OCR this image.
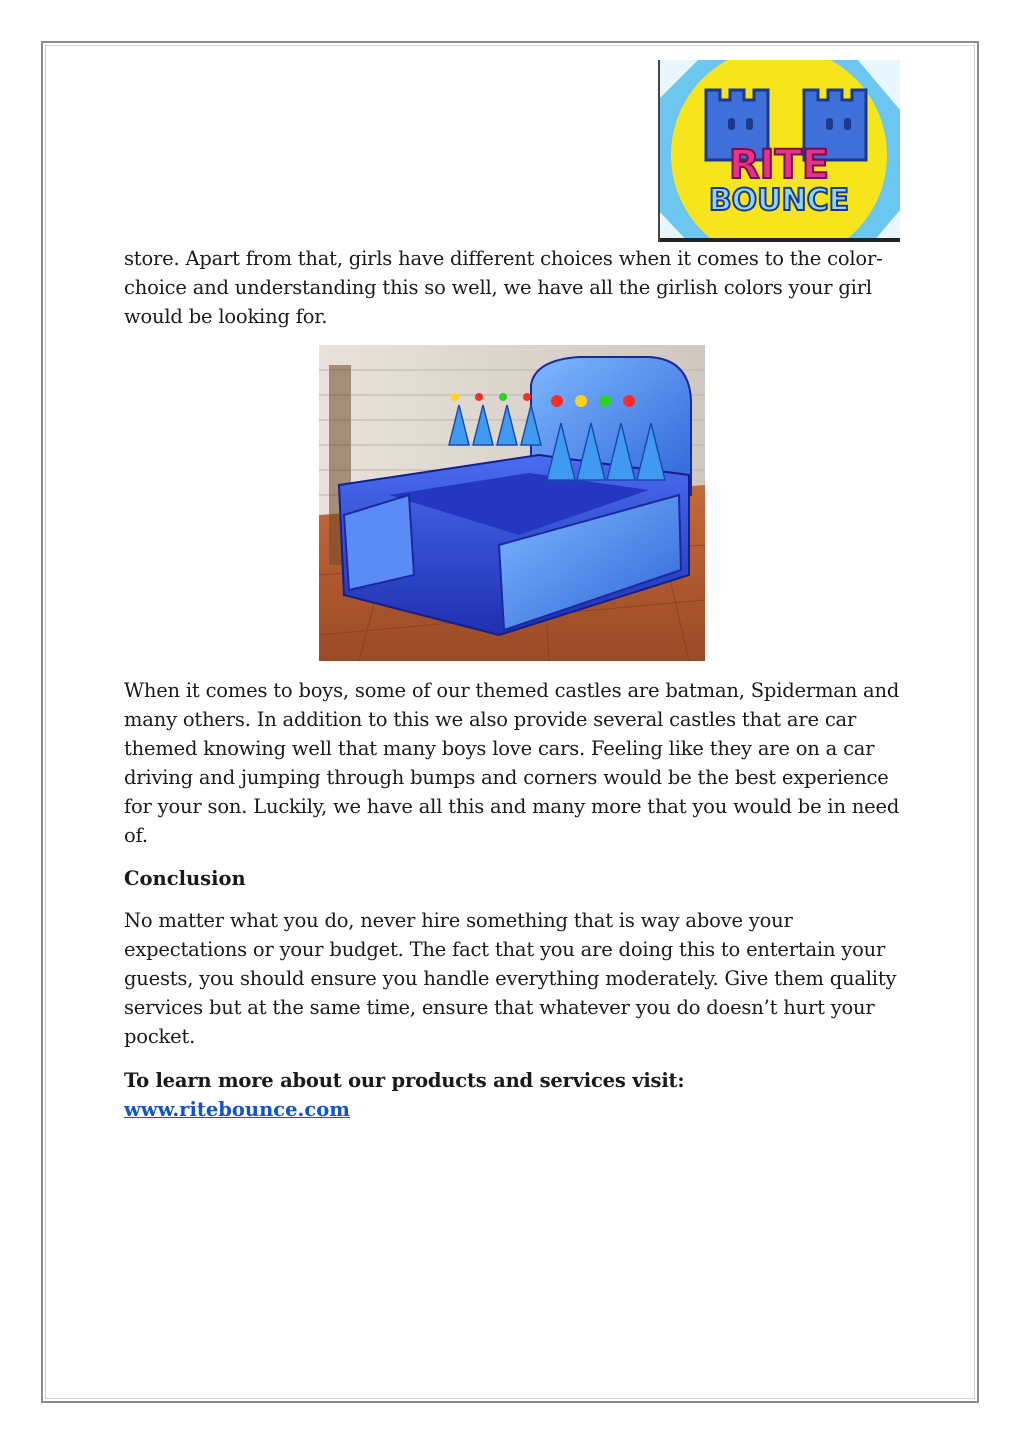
RITE
BOUNCE

store. Apart from that, girls have different choices when it comes to the color-choice and understanding this so well, we have all the girlish colors your girl would be looking for.

When it comes to boys, some of our themed castles are batman, Spiderman and many others. In addition to this we also provide several castles that are car themed knowing well that many boys love cars. Feeling like they are on a car driving and jumping through bumps and corners would be the best experience for your son. Luckily, we have all this and many more that you would be in need of.

Conclusion

No matter what you do, never hire something that is way above your expectations or your budget. The fact that you are doing this to entertain your guests, you should ensure you handle everything moderately. Give them quality services but at the same time, ensure that whatever you do doesn’t hurt your pocket.

To learn more about our products and services visit:

www.ritebounce.com
